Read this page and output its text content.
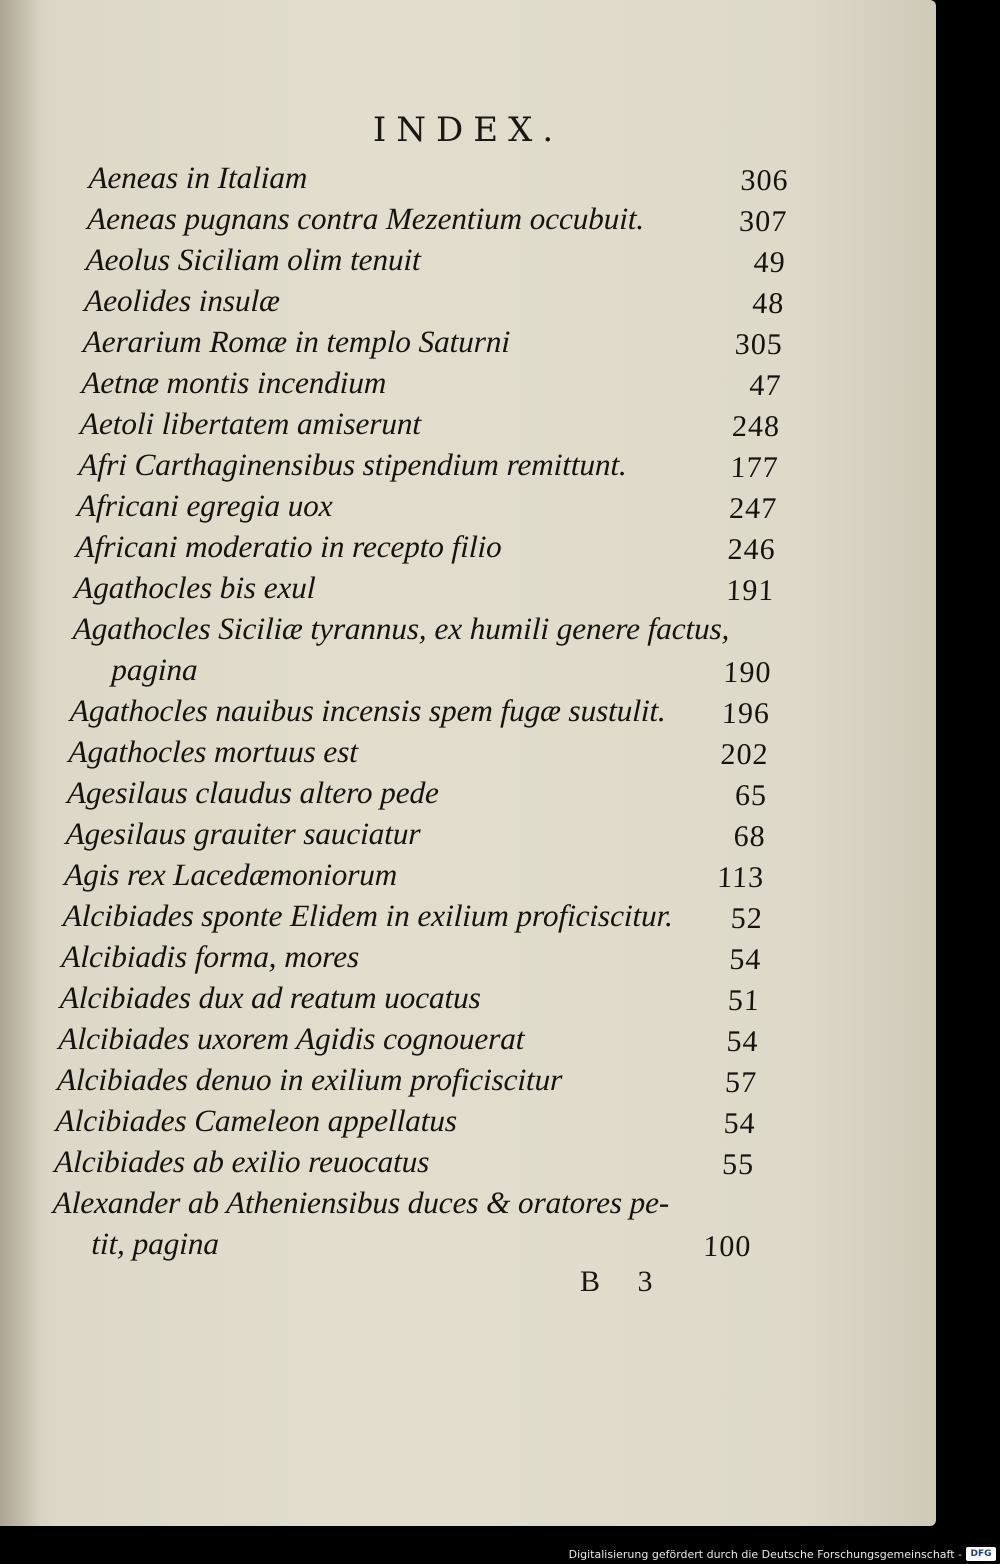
INDEX.
Aeneas in Italiam	306
Aeneas pugnans contra Mezentium occubuit.	307
Aeolus Siciliam olim tenuit	49
Aeolides insulæ	48
Aerarium Romæ in templo Saturni	305
Aetnæ montis incendium	47
Aetoli libertatem amiserunt	248
Afri Carthaginensibus stipendium remittunt.	177
Africani egregia uox	247
Africani moderatio in recepto filio	246
Agathocles bis exul	191
Agathocles Siciliæ tyrannus, ex humili genere factus,
pagina	190
Agathocles nauibus incensis spem fugæ sustulit. 196
Agathocles mortuus est	202
Agesilaus claudus altero pede	65
Agesilaus grauiter sauciatur	68
Agis rex Lacedæmoniorum	113
Alcibiades sponte Elidem in exilium proficiscitur. 52
Alcibiadis forma, mores	54
Alcibiades dux ad reatum uocatus	51
Alcibiades uxorem Agidis cognouerat	54
Alcibiades denuo in exilium proficiscitur	57
Alcibiades Cameleon appellatus	54
Alcibiades ab exilio reuocatus	55
Alexander ab Atheniensibus duces & oratores pe-
tit, pagina	100
B 3
Digitalisierung gefördert durch die Deutsche Forschungsgemeinschaft - DFG
